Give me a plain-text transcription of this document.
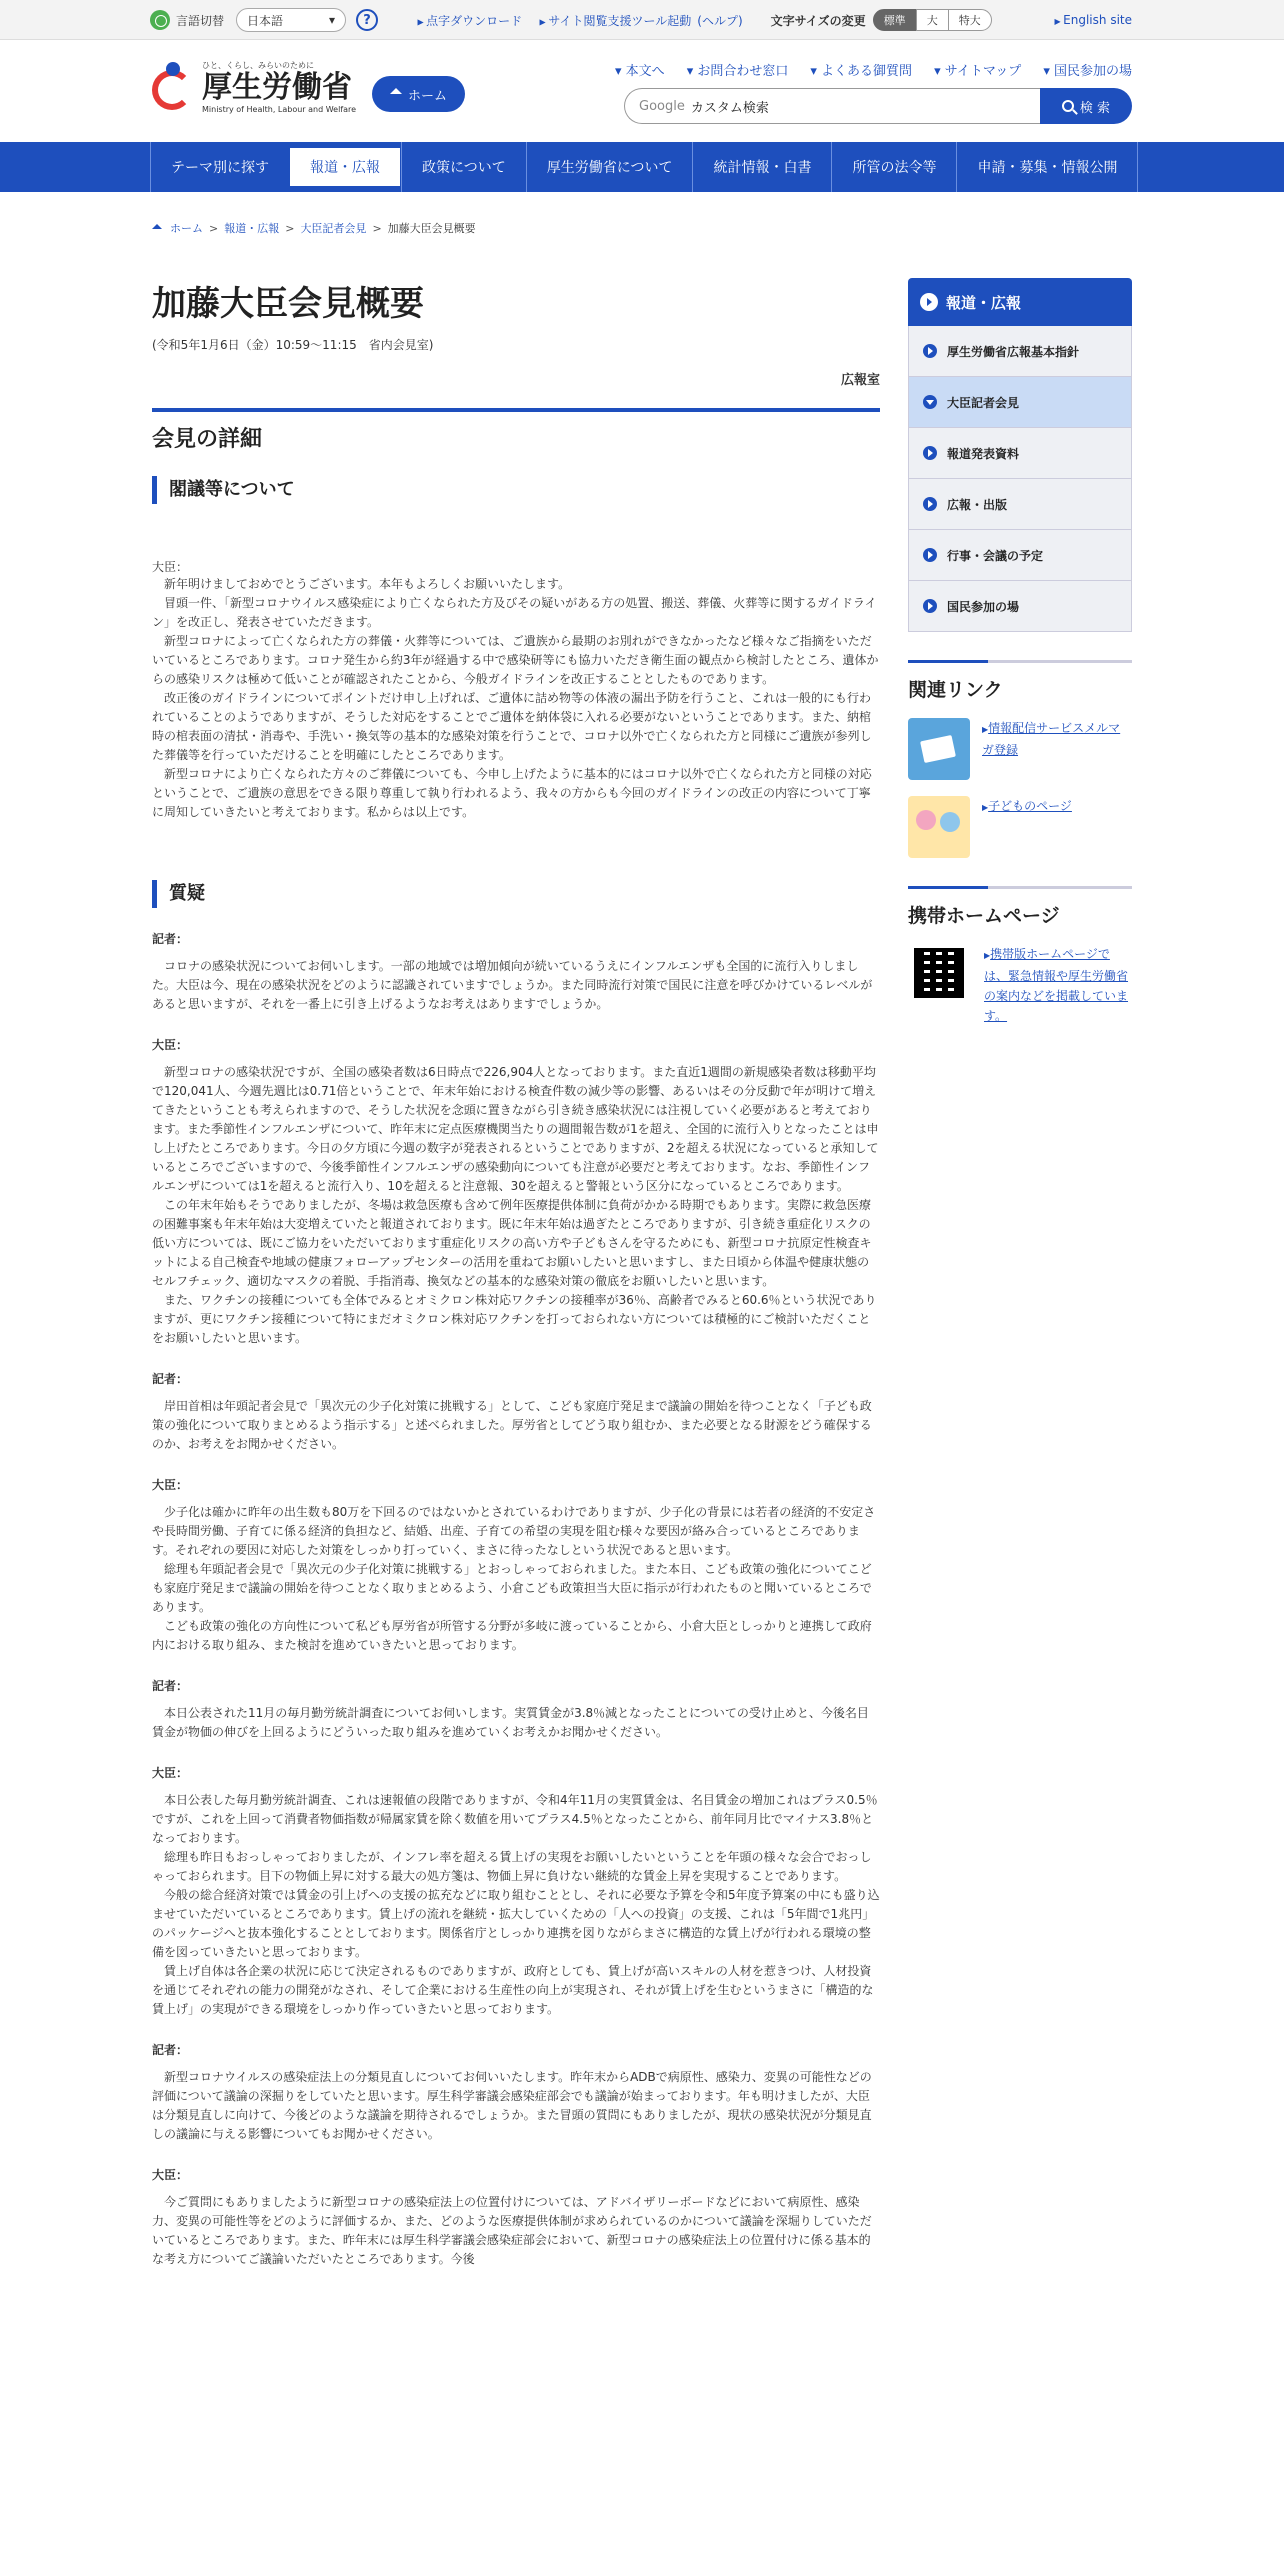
言語切替 日本語	▾	?	▲ 点字ダウンロード	▲ サイト閲覧支援ツール起動 (ヘルプ) 文字サイズの変更	標準	大	特大	▶ English site
ひと、くらし、みらいのために
厚生労働省
Ministry of Health, Labour and Welfare
ホーム
▾ 本文へ	▾ お問合わせ窓口	▾ よくある御質問	▾ サイトマップ	▾ 国民参加の場
Google カスタム検索	検 索
テーマ別に探す	報道・広報	政策について	厚生労働省について	統計情報・白書	所管の法令等	申請・募集・情報公開
ホーム > 報道・広報 > 大臣記者会見 > 加藤大臣会見概要
加藤大臣会見概要
(令和5年1月6日（金）10:59～11:15　省内会見室)
広報室
会見の詳細
閣議等について
大臣：

新年明けましておめでとうございます。本年もよろしくお願いいたします。

冒頭一件、「新型コロナウイルス感染症により亡くなられた方及びその疑いがある方の処置、搬送、葬儀、火葬等に関するガイドライン」を改正し、発表させていただきます。

新型コロナによって亡くなられた方の葬儀・火葬等については、ご遺族から最期のお別れができなかったなど様々なご指摘をいただいているところであります。コロナ発生から約3年が経過する中で感染研等にも協力いただき衛生面の観点から検討したところ、遺体からの感染リスクは極めて低いことが確認されたことから、今般ガイドラインを改正することとしたものであります。

改正後のガイドラインについてポイントだけ申し上げれば、ご遺体に詰め物等の体液の漏出予防を行うこと、これは一般的にも行われていることのようでありますが、そうした対応をすることでご遺体を納体袋に入れる必要がないということであります。また、納棺時の棺表面の清拭・消毒や、手洗い・換気等の基本的な感染対策を行うことで、コロナ以外で亡くなられた方と同様にご遺族が参列した葬儀等を行っていただけることを明確にしたところであります。

新型コロナにより亡くなられた方々のご葬儀についても、今申し上げたように基本的にはコロナ以外で亡くなられた方と同様の対応ということで、ご遺族の意思をできる限り尊重して執り行われるよう、我々の方からも今回のガイドラインの改正の内容について丁寧に周知していきたいと考えております。私からは以上です。

質疑
記者：

コロナの感染状況についてお伺いします。一部の地域では増加傾向が続いているうえにインフルエンザも全国的に流行入りしました。大臣は今、現在の感染状況をどのように認識されていますでしょうか。また同時流行対策で国民に注意を呼びかけているレベルがあると思いますが、それを一番上に引き上げるようなお考えはありますでしょうか。

大臣：

新型コロナの感染状況ですが、全国の感染者数は6日時点で226,904人となっております。また直近1週間の新規感染者数は移動平均で120,041人、今週先週比は0.71倍ということで、年末年始における検査件数の減少等の影響、あるいはその分反動で年が明けて増えてきたということも考えられますので、そうした状況を念頭に置きながら引き続き感染状況には注視していく必要があると考えております。また季節性インフルエンザについて、昨年末に定点医療機関当たりの週間報告数が1を超え、全国的に流行入りとなったことは申し上げたところであります。今日の夕方頃に今週の数字が発表されるということでありますが、2を超える状況になっていると承知しているところでございますので、今後季節性インフルエンザの感染動向についても注意が必要だと考えております。なお、季節性インフルエンザについては1を超えると流行入り、10を超えると注意報、30を超えると警報という区分になっているところであります。

この年末年始もそうでありましたが、冬場は救急医療も含めて例年医療提供体制に負荷がかかる時期でもあります。実際に救急医療の困難事案も年末年始は大変増えていたと報道されております。既に年末年始は過ぎたところでありますが、引き続き重症化リスクの低い方については、既にご協力をいただいております重症化リスクの高い方や子どもさんを守るためにも、新型コロナ抗原定性検査キットによる自己検査や地域の健康フォローアップセンターの活用を重ねてお願いしたいと思いますし、また日頃から体温や健康状態のセルフチェック、適切なマスクの着脱、手指消毒、換気などの基本的な感染対策の徹底をお願いしたいと思います。

また、ワクチンの接種についても全体でみるとオミクロン株対応ワクチンの接種率が36％、高齢者でみると60.6％という状況でありますが、更にワクチン接種について特にまだオミクロン株対応ワクチンを打っておられない方については積極的にご検討いただくことをお願いしたいと思います。

記者：

岸田首相は年頭記者会見で「異次元の少子化対策に挑戦する」として、こども家庭庁発足まで議論の開始を待つことなく「子ども政策の強化について取りまとめるよう指示する」と述べられました。厚労省としてどう取り組むか、また必要となる財源をどう確保するのか、お考えをお聞かせください。

大臣：

少子化は確かに昨年の出生数も80万を下回るのではないかとされているわけでありますが、少子化の背景には若者の経済的不安定さや長時間労働、子育てに係る経済的負担など、結婚、出産、子育ての希望の実現を阻む様々な要因が絡み合っているところであります。それぞれの要因に対応した対策をしっかり打っていく、まさに待ったなしという状況であると思います。

総理も年頭記者会見で「異次元の少子化対策に挑戦する」とおっしゃっておられました。また本日、こども政策の強化についてこども家庭庁発足まで議論の開始を待つことなく取りまとめるよう、小倉こども政策担当大臣に指示が行われたものと聞いているところであります。

こども政策の強化の方向性について私ども厚労省が所管する分野が多岐に渡っていることから、小倉大臣としっかりと連携して政府内における取り組み、また検討を進めていきたいと思っております。

記者：

本日公表された11月の毎月勤労統計調査についてお伺いします。実質賃金が3.8％減となったことについての受け止めと、今後名目賃金が物価の伸びを上回るようにどういった取り組みを進めていくお考えかお聞かせください。

大臣：

本日公表した毎月勤労統計調査、これは速報値の段階でありますが、令和4年11月の実質賃金は、名目賃金の増加これはプラス0.5％ですが、これを上回って消費者物価指数が帰属家賃を除く数値を用いてプラス4.5％となったことから、前年同月比でマイナス3.8％となっております。

総理も昨日もおっしゃっておりましたが、インフレ率を超える賃上げの実現をお願いしたいということを年頭の様々な会合でおっしゃっておられます。目下の物価上昇に対する最大の処方箋は、物価上昇に負けない継続的な賃金上昇を実現することであります。

今般の総合経済対策では賃金の引上げへの支援の拡充などに取り組むこととし、それに必要な予算を令和5年度予算案の中にも盛り込ませていただいているところであります。賃上げの流れを継続・拡大していくための「人への投資」の支援、これは「5年間で1兆円」のパッケージへと抜本強化することとしております。関係省庁としっかり連携を図りながらまさに構造的な賃上げが行われる環境の整備を図っていきたいと思っております。

賃上げ自体は各企業の状況に応じて決定されるものでありますが、政府としても、賃上げが高いスキルの人材を惹きつけ、人材投資を通じてそれぞれの能力の開発がなされ、そして企業における生産性の向上が実現され、それが賃上げを生むというまさに「構造的な賃上げ」の実現ができる環境をしっかり作っていきたいと思っております。

記者：

新型コロナウイルスの感染症法上の分類見直しについてお伺いいたします。昨年末からADBで病原性、感染力、変異の可能性などの評価について議論の深掘りをしていたと思います。厚生科学審議会感染症部会でも議論が始まっております。年も明けましたが、大臣は分類見直しに向けて、今後どのような議論を期待されるでしょうか。また冒頭の質問にもありましたが、現状の感染状況が分類見直しの議論に与える影響についてもお聞かせください。

大臣：

今ご質問にもありましたように新型コロナの感染症法上の位置付けについては、アドバイザリーボードなどにおいて病原性、感染力、変異の可能性等をどのように評価するか、また、どのような医療提供体制が求められているのかについて議論を深堀りしていただいているところであります。また、昨年末には厚生科学審議会感染症部会において、新型コロナの感染症法上の位置付けに係る基本的な考え方についてご議論いただいたところであります。今後

報道・広報
厚生労働省広報基本指針
大臣記者会見
報道発表資料
広報・出版
行事・会議の予定
国民参加の場
関連リンク
▶ 情報配信サービスメルマガ登録
▶ 子どものページ
携帯ホームページ
▶ 携帯版ホームページでは、緊急情報や厚生労働省の案内などを掲載しています。
